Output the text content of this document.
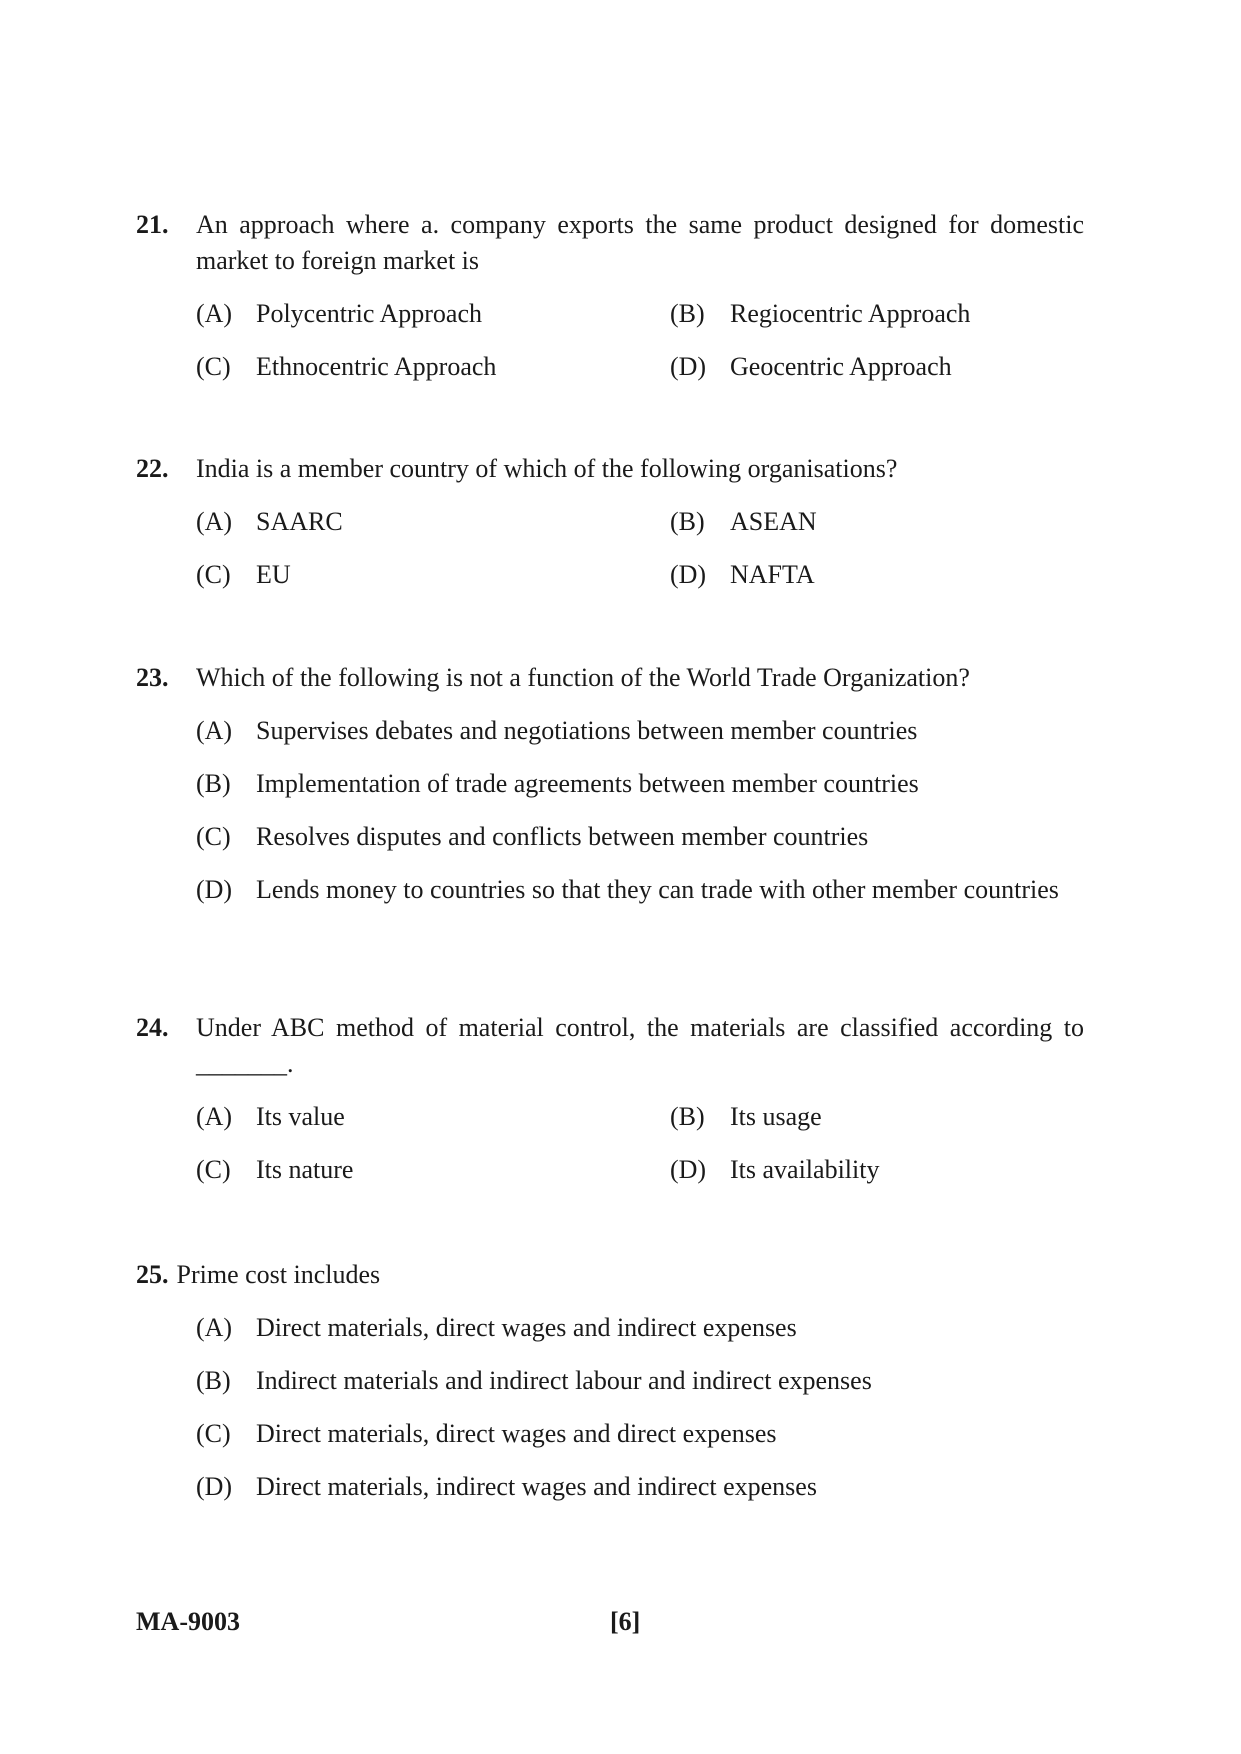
21.	An approach where a. company exports the same product designed for domestic market to foreign market is
(A) Polycentric Approach	(B) Regiocentric Approach
(C) Ethnocentric Approach	(D) Geocentric Approach
22.	India is a member country of which of the following organisations?
(A) SAARC	(B) ASEAN
(C) EU	(D) NAFTA
23.	Which of the following is not a function of the World Trade Organization?
(A) Supervises debates and negotiations between member countries
(B) Implementation of trade agreements between member countries
(C) Resolves disputes and conflicts between member countries
(D) Lends money to countries so that they can trade with other member countries
24.	Under ABC method of material control, the materials are classified according to _______.
(A) Its value	(B) Its usage
(C) Its nature	(D) Its availability
25. Prime cost includes
(A) Direct materials, direct wages and indirect expenses
(B) Indirect materials and indirect labour and indirect expenses
(C) Direct materials, direct wages and direct expenses
(D) Direct materials, indirect wages and indirect expenses
MA-9003	[6]
